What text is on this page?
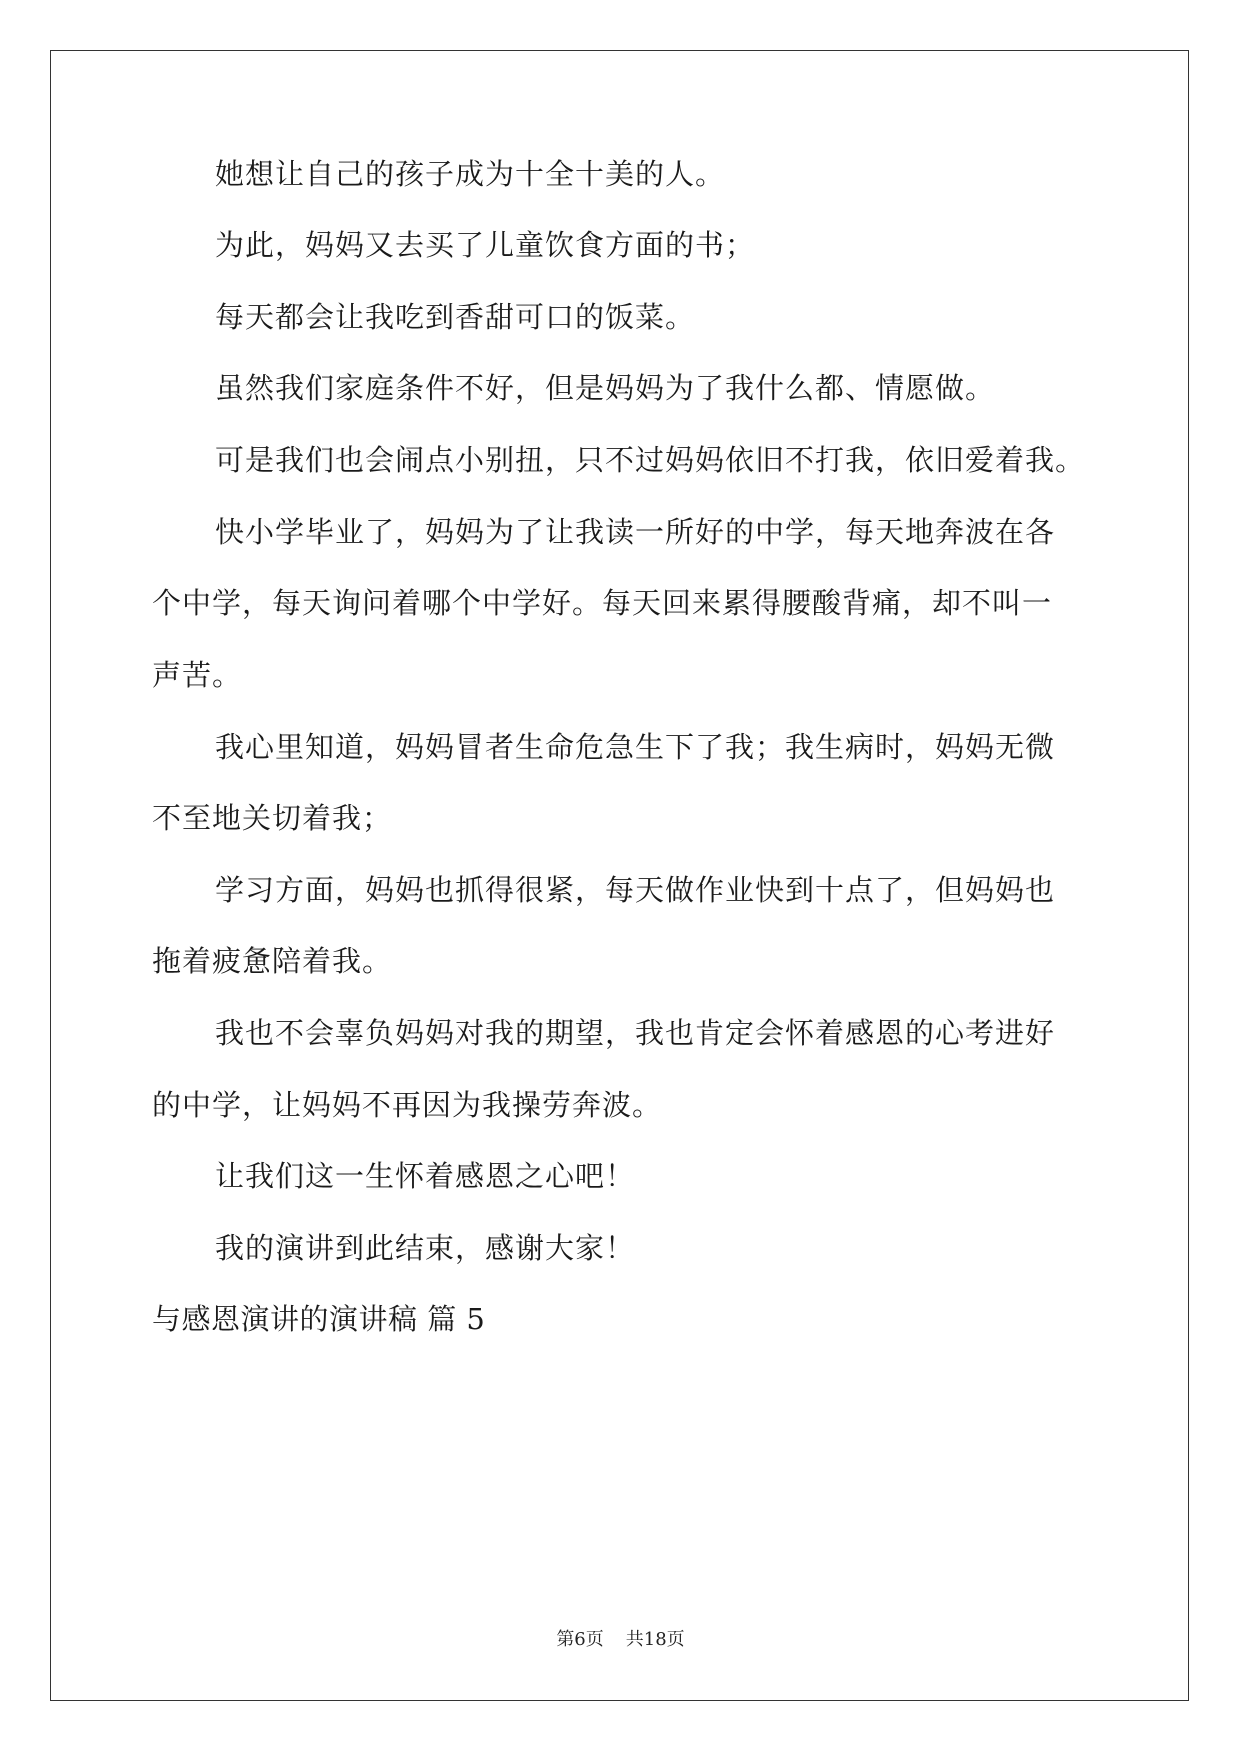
她想让自己的孩子成为十全十美的人。
为此，妈妈又去买了儿童饮食方面的书；
每天都会让我吃到香甜可口的饭菜。
虽然我们家庭条件不好，但是妈妈为了我什么都、情愿做。
可是我们也会闹点小别扭，只不过妈妈依旧不打我，依旧爱着我。
快小学毕业了，妈妈为了让我读一所好的中学，每天地奔波在各
个中学，每天询问着哪个中学好。每天回来累得腰酸背痛，却不叫一
声苦。
我心里知道，妈妈冒者生命危急生下了我；我生病时，妈妈无微
不至地关切着我；
学习方面，妈妈也抓得很紧，每天做作业快到十点了，但妈妈也
拖着疲惫陪着我。
我也不会辜负妈妈对我的期望，我也肯定会怀着感恩的心考进好
的中学，让妈妈不再因为我操劳奔波。
让我们这一生怀着感恩之心吧！
我的演讲到此结束，感谢大家！
与感恩演讲的演讲稿 篇 5
第6页 共18页
